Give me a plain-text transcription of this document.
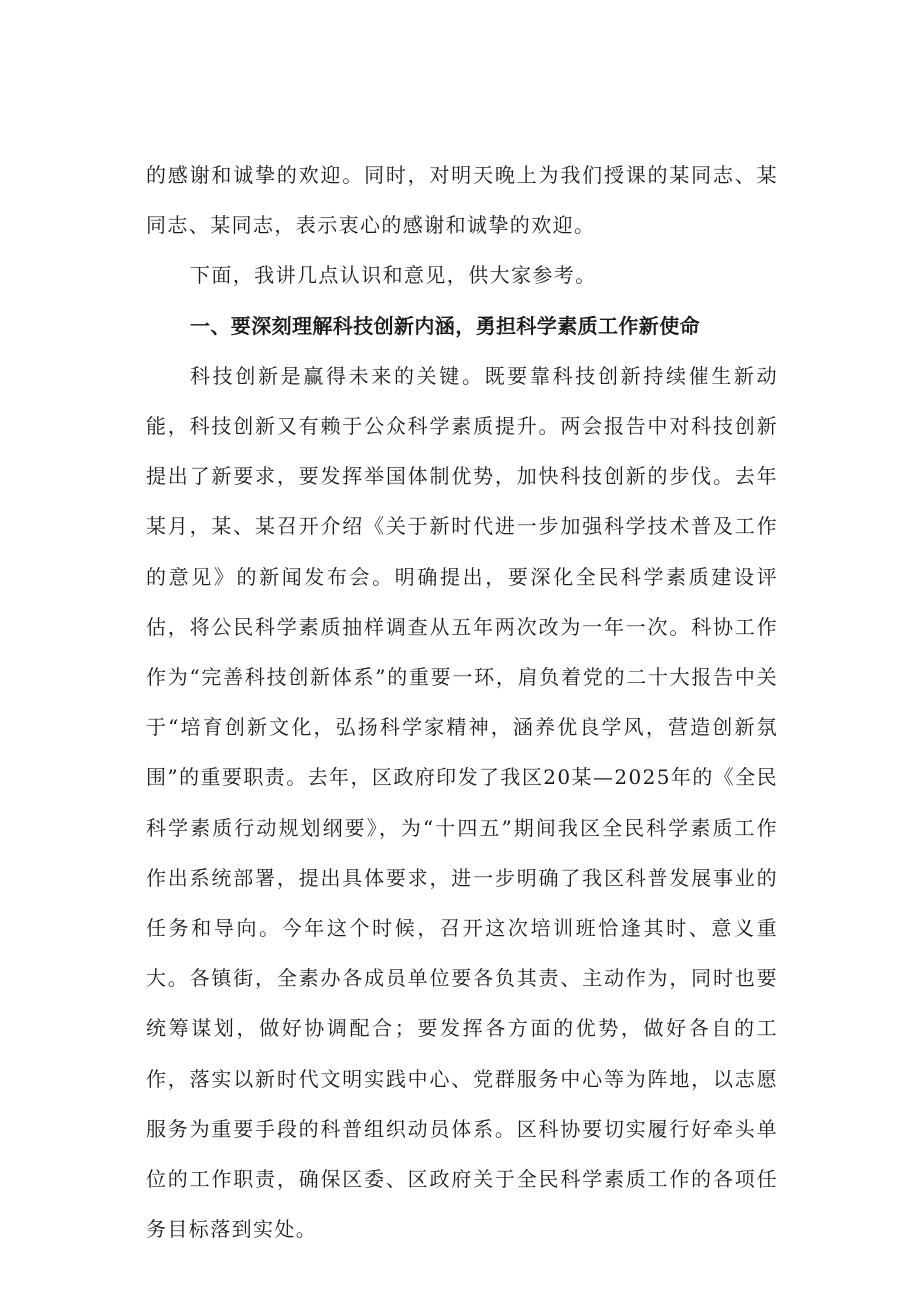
的感谢和诚挚的欢迎。同时，对明天晚上为我们授课的某同志、某同志、某同志，表示衷心的感谢和诚挚的欢迎。

下面，我讲几点认识和意见，供大家参考。

一、要深刻理解科技创新内涵，勇担科学素质工作新使命

科技创新是赢得未来的关键。既要靠科技创新持续催生新动能，科技创新又有赖于公众科学素质提升。两会报告中对科技创新提出了新要求，要发挥举国体制优势，加快科技创新的步伐。去年某月，某、某召开介绍《关于新时代进一步加强科学技术普及工作的意见》的新闻发布会。明确提出，要深化全民科学素质建设评估，将公民科学素质抽样调查从五年两次改为一年一次。科协工作作为“完善科技创新体系”的重要一环，肩负着党的二十大报告中关于“培育创新文化，弘扬科学家精神，涵养优良学风，营造创新氛围”的重要职责。去年，区政府印发了我区20某—2025年的《全民科学素质行动规划纲要》，为“十四五”期间我区全民科学素质工作作出系统部署，提出具体要求，进一步明确了我区科普发展事业的任务和导向。今年这个时候，召开这次培训班恰逢其时、意义重大。各镇街，全素办各成员单位要各负其责、主动作为，同时也要统筹谋划，做好协调配合；要发挥各方面的优势，做好各自的工作，落实以新时代文明实践中心、党群服务中心等为阵地，以志愿服务为重要手段的科普组织动员体系。区科协要切实履行好牵头单位的工作职责，确保区委、区政府关于全民科学素质工作的各项任务目标落到实处。
